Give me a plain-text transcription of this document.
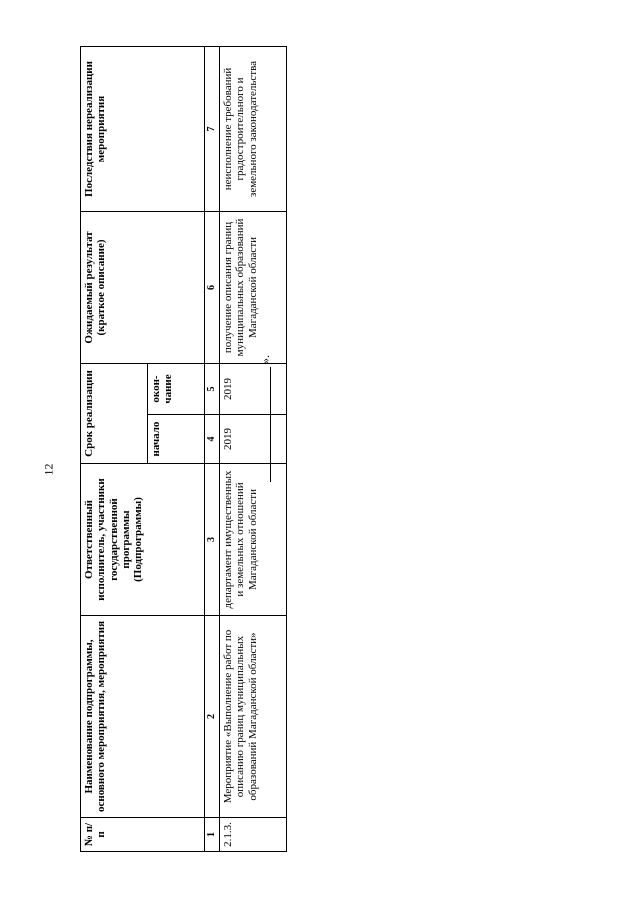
12
№ п/п	Наименование подпрограммы, основного мероприятия, мероприятия	Ответственный исполнитель, участники государственной программы (Подпрограммы)	Срок реализации		Ожидаемый результат (краткое описание)	Последствия нереализации мероприятия
			начало	окон-чание		
1	2	3	4	5	6	7
2.1.3.	Мероприятие «Выполнение работ по описанию границ муниципальных образований Магаданской области»	департамент имущественных и земельных отношений Магаданской области	2019	2019	получение описания границ муниципальных образований Магаданской области	неисполнение требований градостроительного и земельного законодательства
».
